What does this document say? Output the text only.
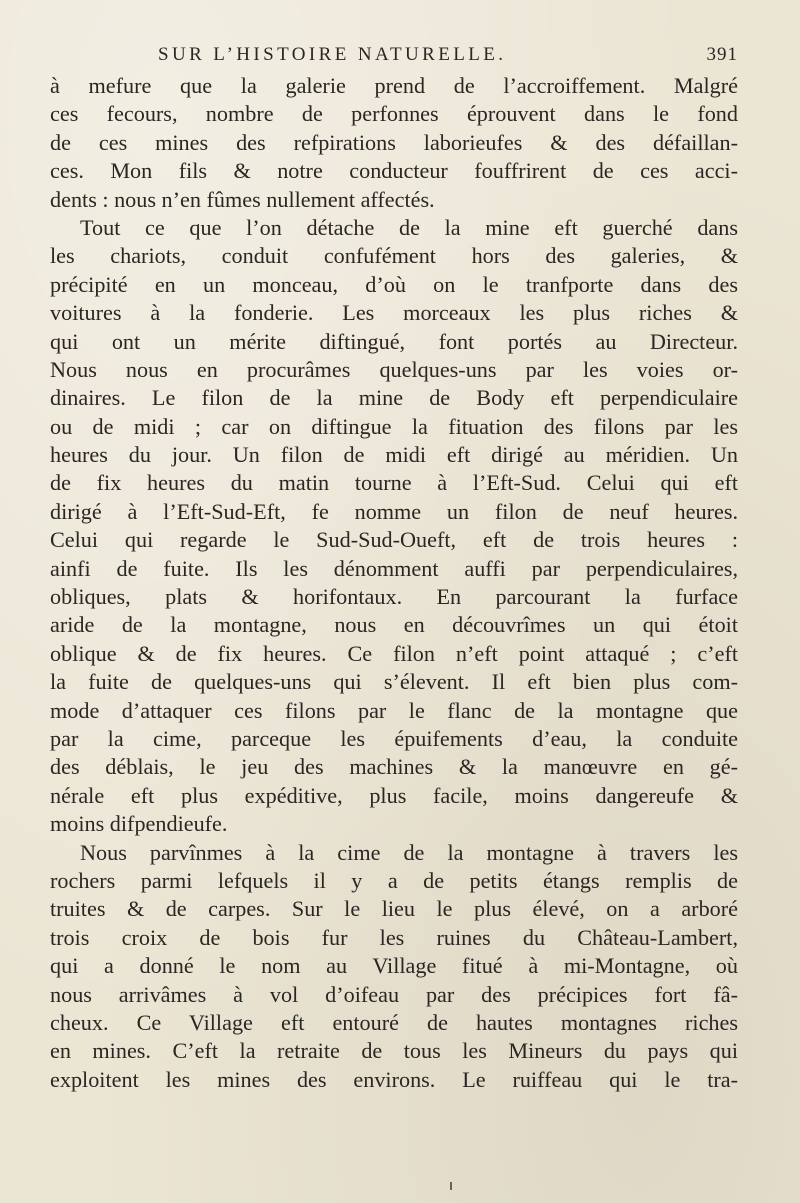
SUR L’HISTOIRE NATURELLE.	391
à mefure que la galerie prend de l’accroiffement. Malgré
ces fecours, nombre de perfonnes éprouvent dans le fond
de ces mines des refpirations laborieufes & des défaillan-
ces. Mon fils & notre conducteur fouffrirent de ces acci-
dents : nous n’en fûmes nullement affectés.
Tout ce que l’on détache de la mine eft guerché dans
les chariots, conduit confufément hors des galeries, &
précipité en un monceau, d’où on le tranfporte dans des
voitures à la fonderie. Les morceaux les plus riches &
qui ont un mérite diftingué, font portés au Directeur.
Nous nous en procurâmes quelques-uns par les voies or-
dinaires. Le filon de la mine de Body eft perpendiculaire
ou de midi ; car on diftingue la fituation des filons par les
heures du jour. Un filon de midi eft dirigé au méridien. Un
de fix heures du matin tourne à l’Eft-Sud. Celui qui eft
dirigé à l’Eft-Sud-Eft, fe nomme un filon de neuf heures.
Celui qui regarde le Sud-Sud-Oueft, eft de trois heures :
ainfi de fuite. Ils les dénomment auffi par perpendiculaires,
obliques, plats & horifontaux. En parcourant la furface
aride de la montagne, nous en découvrîmes un qui étoit
oblique & de fix heures. Ce filon n’eft point attaqué ; c’eft
la fuite de quelques-uns qui s’élevent. Il eft bien plus com-
mode d’attaquer ces filons par le flanc de la montagne que
par la cime, parceque les épuifements d’eau, la conduite
des déblais, le jeu des machines & la manœuvre en gé-
nérale eft plus expéditive, plus facile, moins dangereufe &
moins difpendieufe.
Nous parvînmes à la cime de la montagne à travers les
rochers parmi lefquels il y a de petits étangs remplis de
truites & de carpes. Sur le lieu le plus élevé, on a arboré
trois croix de bois fur les ruines du Château-Lambert,
qui a donné le nom au Village fitué à mi-Montagne, où
nous arrivâmes à vol d’oifeau par des précipices fort fâ-
cheux. Ce Village eft entouré de hautes montagnes riches
en mines. C’eft la retraite de tous les Mineurs du pays qui
exploitent les mines des environs. Le ruiffeau qui le tra-
